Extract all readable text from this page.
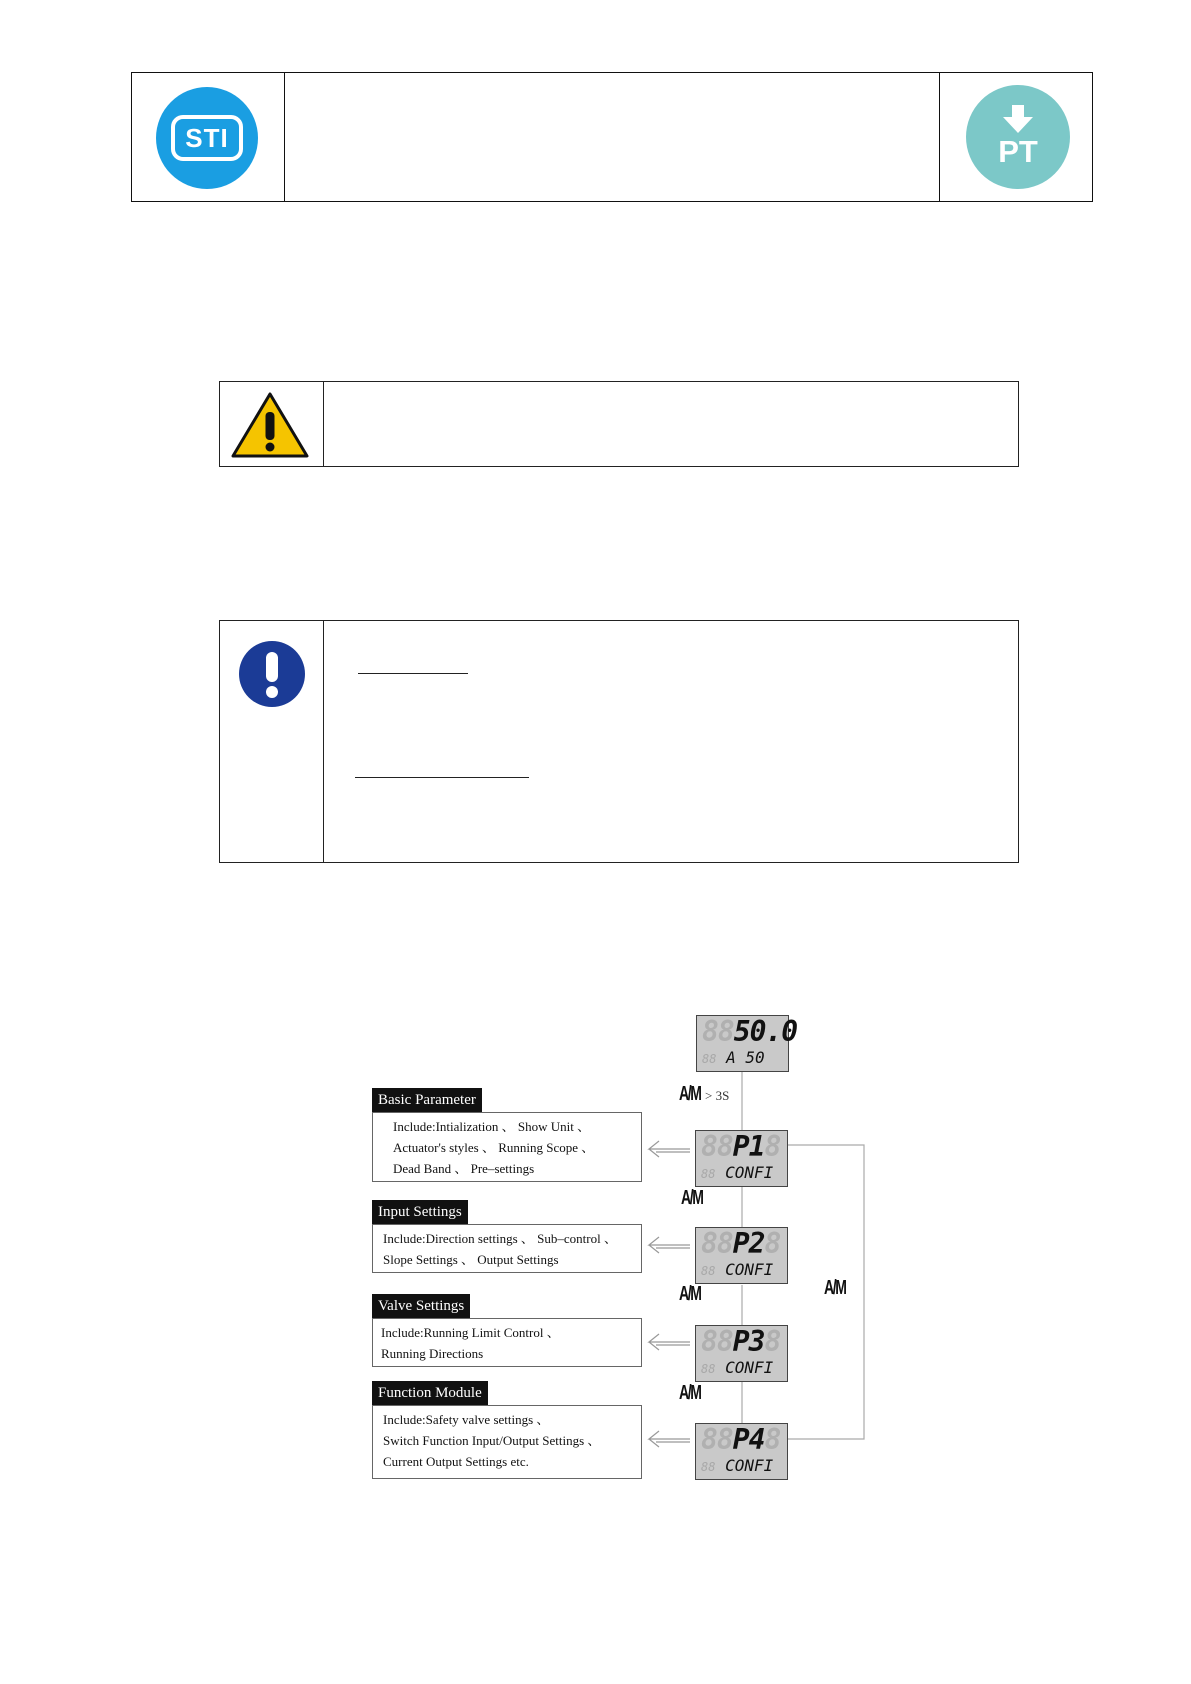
STI	PT
8850.0
88 A 50
A/M > 3S
Basic Parameter
Include:Intialization 、 Show Unit 、
Actuator's styles 、 Running Scope 、
Dead Band 、 Pre–settings
88P18
88 CONFI
A/M
Input Settings
Include:Direction settings 、 Sub–control 、
Slope Settings 、 Output Settings	88P28
88 CONFI
A/M	A/M
Valve Settings
Include:Running Limit Control 、
Running Directions	88P38
88 CONFI
A/M
Function Module
Include:Safety valve settings 、
Switch Function Input/Output Settings 、
Current Output Settings etc.
88P48
88 CONFI
